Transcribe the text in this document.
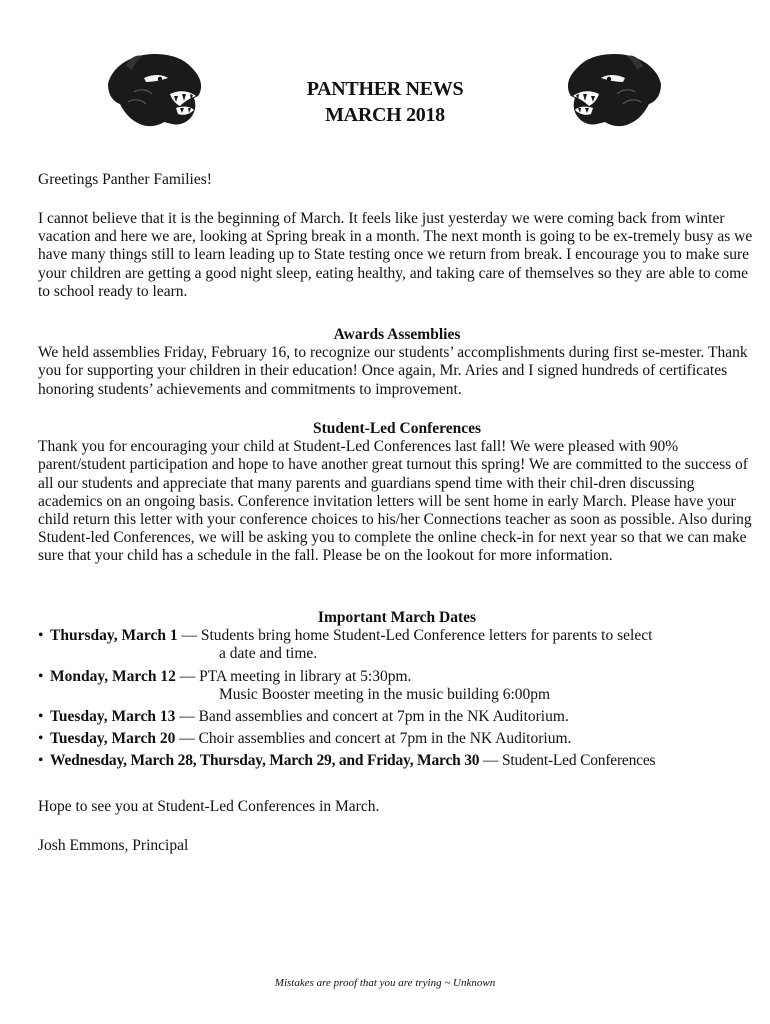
PANTHER NEWS
MARCH 2018

Greetings Panther Families!

I cannot believe that it is the beginning of March. It feels like just yesterday we were coming back from winter vacation and here we are, looking at Spring break in a month. The next month is going to be ex-tremely busy as we have many things still to learn leading up to State testing once we return from break. I encourage you to make sure your children are getting a good night sleep, eating healthy, and taking care of themselves so they are able to come to school ready to learn.

Awards Assemblies

We held assemblies Friday, February 16, to recognize our students’ accomplishments during first se-mester. Thank you for supporting your children in their education! Once again, Mr. Aries and I signed hundreds of certificates honoring students’ achievements and commitments to improvement.

Student-Led Conferences

Thank you for encouraging your child at Student-Led Conferences last fall! We were pleased with 90% parent/student participation and hope to have another great turnout this spring! We are committed to the success of all our students and appreciate that many parents and guardians spend time with their chil-dren discussing academics on an ongoing basis. Conference invitation letters will be sent home in early March. Please have your child return this letter with your conference choices to his/her Connections teacher as soon as possible. Also during Student-led Conferences, we will be asking you to complete the online check-in for next year so that we can make sure that your child has a schedule in the fall. Please be on the lookout for more information.

Important March Dates

• Thursday, March 1 — Students bring home Student-Led Conference letters for parents to select
a date and time.
• Monday, March 12 — PTA meeting in library at 5:30pm.
Music Booster meeting in the music building 6:00pm
• Tuesday, March 13 — Band assemblies and concert at 7pm in the NK Auditorium.
• Tuesday, March 20 — Choir assemblies and concert at 7pm in the NK Auditorium.
• Wednesday, March 28, Thursday, March 29, and Friday, March 30 — Student-Led Conferences

Hope to see you at Student-Led Conferences in March.

Josh Emmons, Principal

Mistakes are proof that you are trying ~ Unknown
